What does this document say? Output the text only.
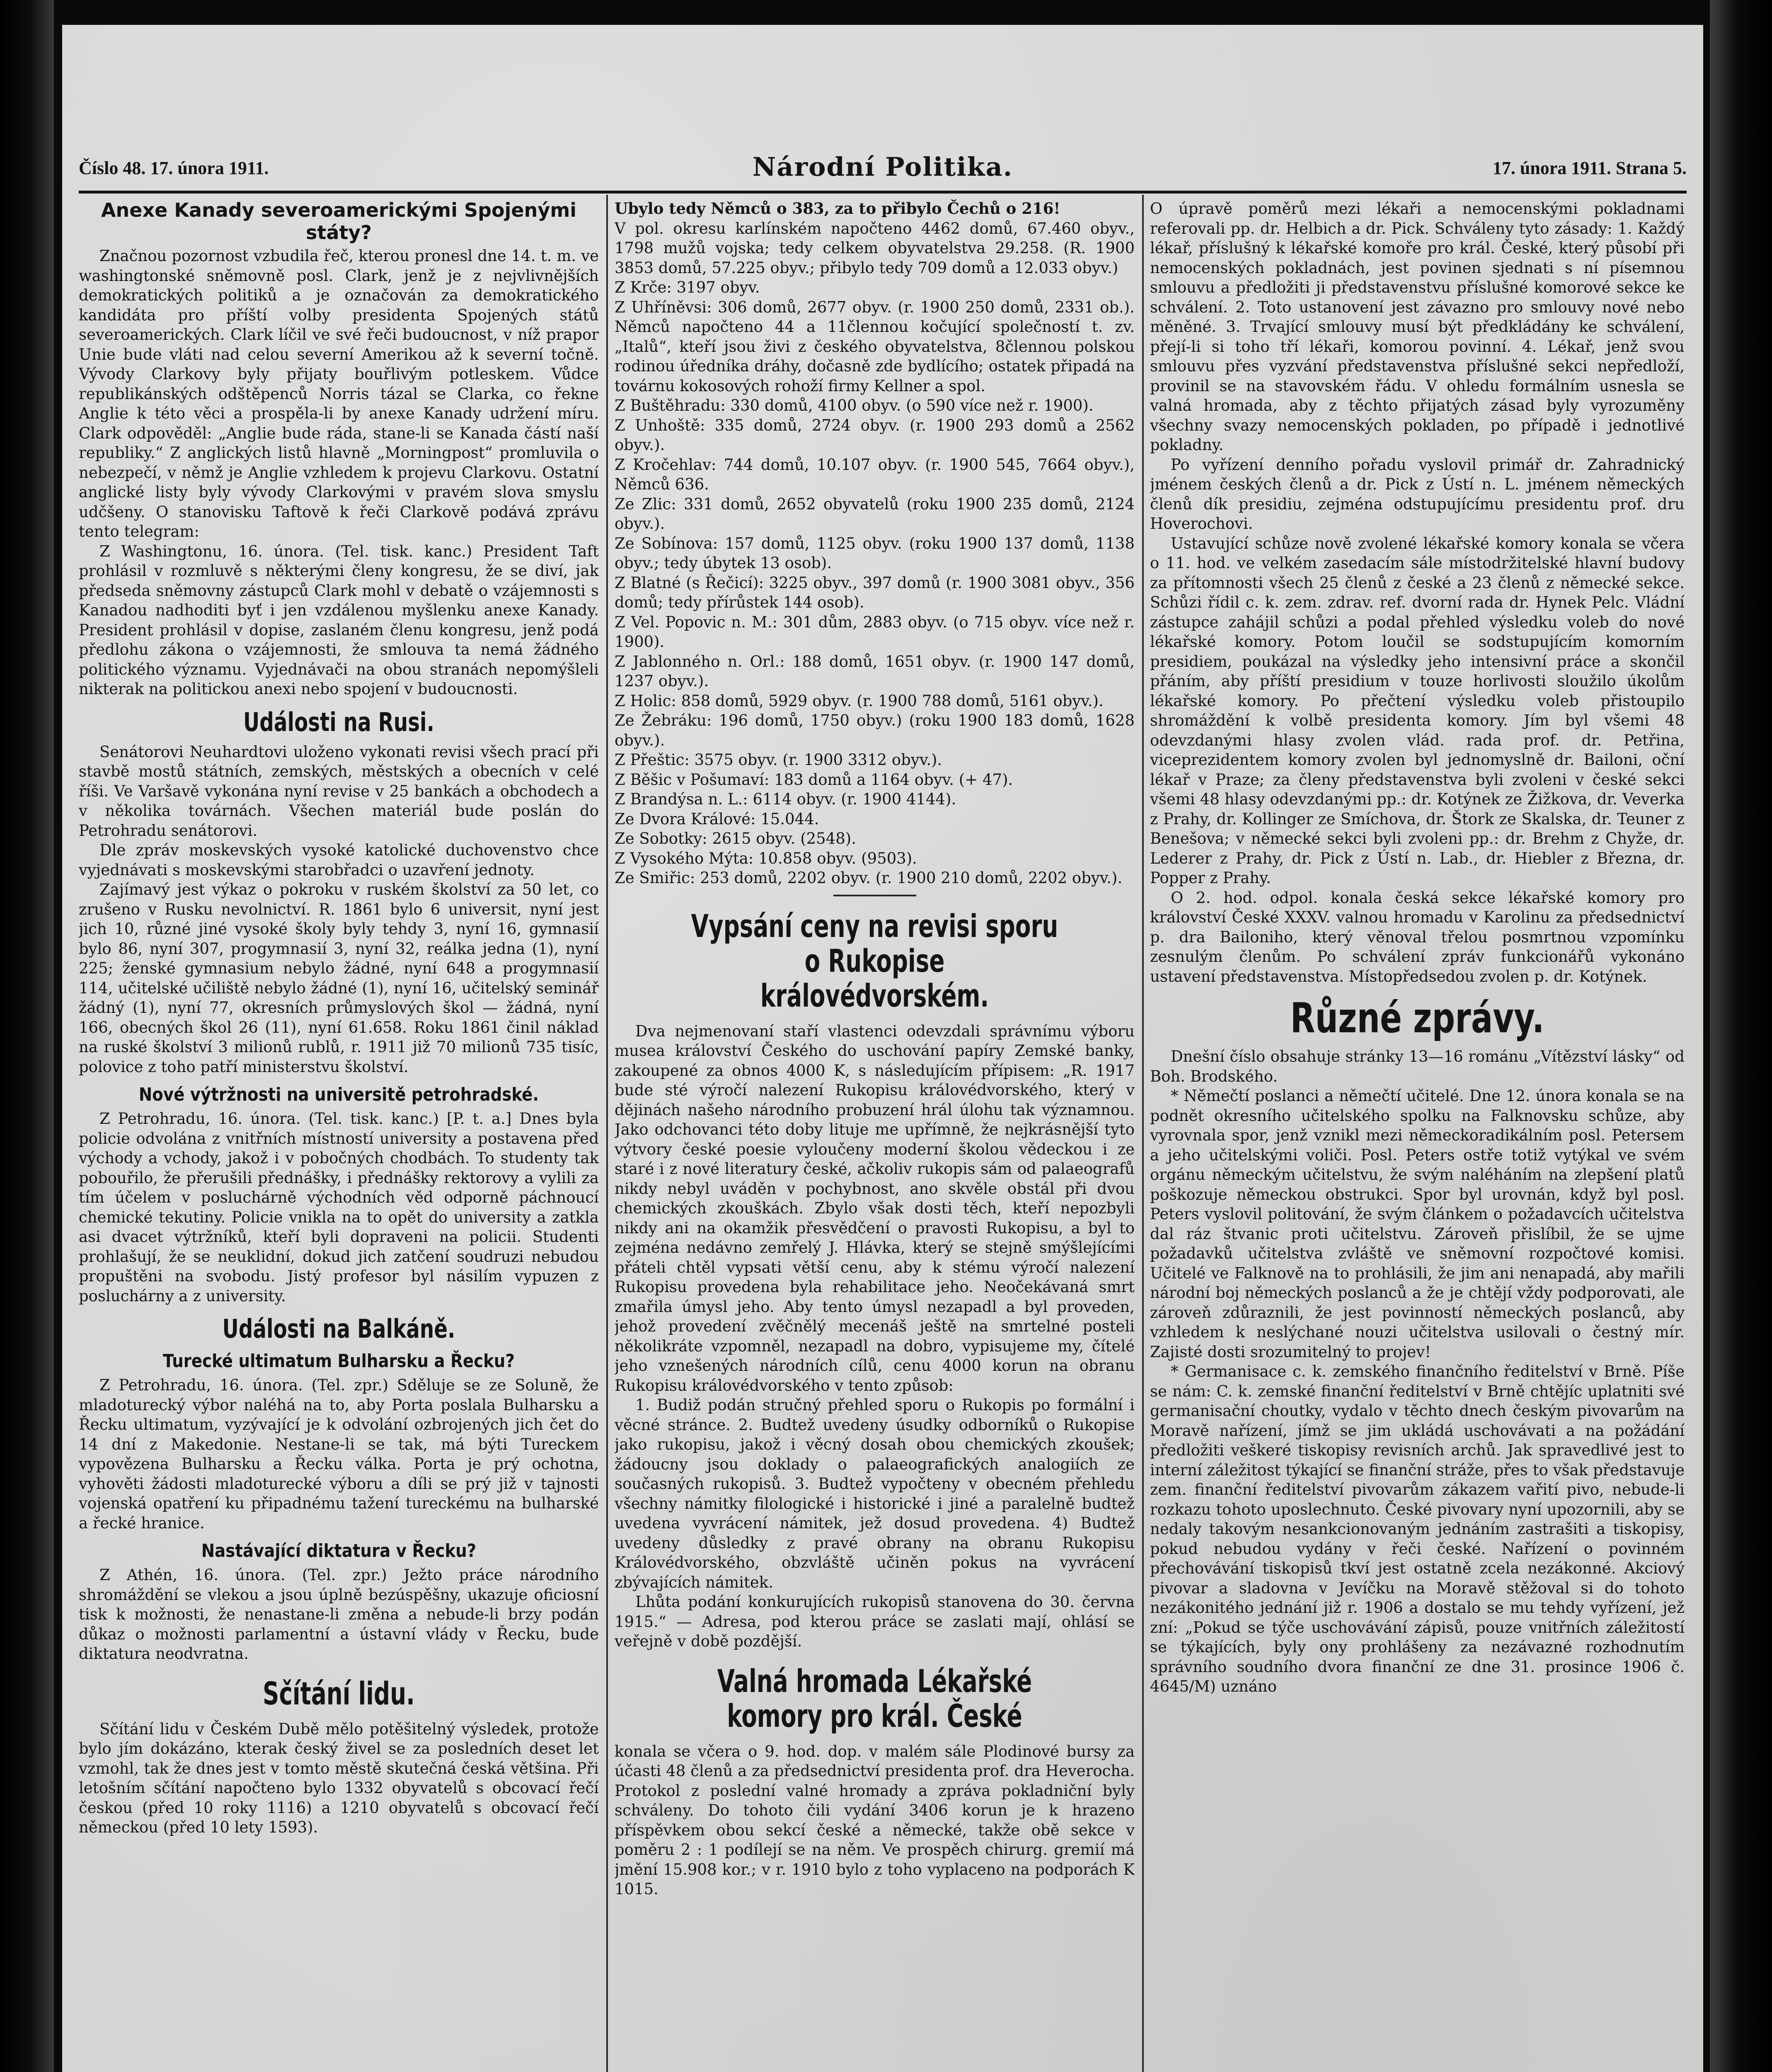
Číslo 48. 17. února 1911.	Národní Politika.	17. února 1911. Strana 5.
Anexe Kanady severoamerickými Spojenými státy?

Značnou pozornost vzbudila řeč, kterou pronesl dne 14. t. m. ve washingtonské sněmovně posl. Clark, jenž je z nejvlivnějších demokratických politiků a je označován za demokratického kandidáta pro příští volby presidenta Spojených států severoamerických. Clark líčil ve své řeči budoucnost, v níž prapor Unie bude vláti nad celou severní Amerikou až k severní točně. Vývody Clarkovy byly přijaty bouřlivým potleskem. Vůdce republikánských odštěpenců Norris tázal se Clarka, co řekne Anglie k této věci a prospěla-li by anexe Kanady udržení míru. Clark odpověděl: „Anglie bude ráda, stane-li se Kanada částí naší republiky.“ Z anglických listů hlavně „Morningpost“ promluvila o nebezpečí, v němž je Anglie vzhledem k projevu Clarkovu. Ostatní anglické listy byly vývody Clarkovými v pravém slova smyslu udčšeny. O stanovisku Taftově k řeči Clarkově podává zprávu tento telegram:

Z Washingtonu, 16. února. (Tel. tisk. kanc.) President Taft prohlásil v rozmluvě s některými členy kongresu, že se diví, jak předseda sněmovny zástupců Clark mohl v debatě o vzájemnosti s Kanadou nadhoditi byť i jen vzdálenou myšlenku anexe Kanady. President prohlásil v dopise, zaslaném členu kongresu, jenž podá předlohu zákona o vzájemnosti, že smlouva ta nemá žádného politického významu. Vyjednávači na obou stranách nepomýšleli nikterak na politickou anexi nebo spojení v budoucnosti.

Události na Rusi.

Senátorovi Neuhardtovi uloženo vykonati revisi všech prací při stavbě mostů státních, zemských, městských a obecních v celé říši. Ve Varšavě vykonána nyní revise v 25 bankách a obchodech a v několika továrnách. Všechen materiál bude poslán do Petrohradu senátorovi.

Dle zpráv moskevských vysoké katolické duchovenstvo chce vyjednávati s moskevskými starobřadci o uzavření jednoty.

Zajímavý jest výkaz o pokroku v ruském školství za 50 let, co zrušeno v Rusku nevolnictví. R. 1861 bylo 6 universit, nyní jest jich 10, různé jiné vysoké školy byly tehdy 3, nyní 16, gymnasií bylo 86, nyní 307, progymnasií 3, nyní 32, reálka jedna (1), nyní 225; ženské gymnasium nebylo žádné, nyní 648 a progymnasií 114, učitelské učiliště nebylo žádné (1), nyní 16, učitelský seminář žádný (1), nyní 77, okresních průmyslových škol — žádná, nyní 166, obecných škol 26 (11), nyní 61.658. Roku 1861 činil náklad na ruské školství 3 milionů rublů, r. 1911 již 70 milionů 735 tisíc, polovice z toho patří ministerstvu školství.

Nové výtržnosti na universitě petrohradské.

Z Petrohradu, 16. února. (Tel. tisk. kanc.) [P. t. a.] Dnes byla policie odvolána z vnitřních místností university a postavena před východy a vchody, jakož i v pobočných chodbách. To studenty tak pobouřilo, že přerušili přednášky, i přednášky rektorovy a vylili za tím účelem v posluchárně východních věd odporně páchnoucí chemické tekutiny. Policie vnikla na to opět do university a zatkla asi dvacet výtržníků, kteří byli dopraveni na policii. Studenti prohlašují, že se neuklidní, dokud jich zatčení soudruzi nebudou propuštěni na svobodu. Jistý profesor byl násilím vypuzen z posluchárny a z university.

Události na Balkáně.
Turecké ultimatum Bulharsku a Řecku?

Z Petrohradu, 16. února. (Tel. zpr.) Sděluje se ze Soluně, že mladoturecký výbor naléhá na to, aby Porta poslala Bulharsku a Řecku ultimatum, vyzývající je k odvolání ozbrojených jich čet do 14 dní z Makedonie. Nestane-li se tak, má býti Tureckem vypovězena Bulharsku a Řecku válka. Porta je prý ochotna, vyhověti žádosti mladoturecké výboru a díli se prý již v tajnosti vojenská opatření ku připadnému tažení tureckému na bulharské a řecké hranice.

Nastávající diktatura v Řecku?

Z Athén, 16. února. (Tel. zpr.) Ježto práce národního shromáždění se vlekou a jsou úplně bezúspěšny, ukazuje oficiosní tisk k možnosti, že nenastane-li změna a nebude-li brzy podán důkaz o možnosti parlamentní a ústavní vlády v Řecku, bude diktatura neodvratna.

Sčítání lidu.

Sčítání lidu v Českém Dubě mělo potěšitelný výsledek, protože bylo jím dokázáno, kterak český živel se za posledních deset let vzmohl, tak že dnes jest v tomto městě skutečná česká většina. Při letošním sčítání napočteno bylo 1332 obyvatelů s obcovací řečí českou (před 10 roky 1116) a 1210 obyvatelů s obcovací řečí německou (před 10 lety 1593).

Ubylo tedy Němců o 383, za to přibylo Čechů o 216!

V pol. okresu karlínském napočteno 4462 domů, 67.460 obyv., 1798 mužů vojska; tedy celkem obyvatelstva 29.258. (R. 1900 3853 domů, 57.225 obyv.; přibylo tedy 709 domů a 12.033 obyv.)

Z Krče: 3197 obyv.

Z Uhříněvsi: 306 domů, 2677 obyv. (r. 1900 250 domů, 2331 ob.). Němců napočteno 44 a 11člennou kočující společností t. zv. „Italů“, kteří jsou živi z českého obyvatelstva, 8člennou polskou rodinou úředníka dráhy, dočasně zde bydlícího; ostatek připadá na továrnu kokosových rohoží firmy Kellner a spol.

Z Buštěhradu: 330 domů, 4100 obyv. (o 590 více než r. 1900).

Z Unhoště: 335 domů, 2724 obyv. (r. 1900 293 domů a 2562 obyv.).

Z Kročehlav: 744 domů, 10.107 obyv. (r. 1900 545, 7664 obyv.), Němců 636.

Ze Zlic: 331 domů, 2652 obyvatelů (roku 1900 235 domů, 2124 obyv.).

Ze Sobínova: 157 domů, 1125 obyv. (roku 1900 137 domů, 1138 obyv.; tedy úbytek 13 osob).

Z Blatné (s Řečicí): 3225 obyv., 397 domů (r. 1900 3081 obyv., 356 domů; tedy přírůstek 144 osob).

Z Vel. Popovic n. M.: 301 dům, 2883 obyv. (o 715 obyv. více než r. 1900).

Z Jablonného n. Orl.: 188 domů, 1651 obyv. (r. 1900 147 domů, 1237 obyv.).

Z Holic: 858 domů, 5929 obyv. (r. 1900 788 domů, 5161 obyv.).

Ze Žebráku: 196 domů, 1750 obyv.) (roku 1900 183 domů, 1628 obyv.).

Z Přeštic: 3575 obyv. (r. 1900 3312 obyv.).

Z Běšic v Pošumaví: 183 domů a 1164 obyv. (+ 47).

Z Brandýsa n. L.: 6114 obyv. (r. 1900 4144).

Ze Dvora Králové: 15.044.

Ze Sobotky: 2615 obyv. (2548).

Z Vysokého Mýta: 10.858 obyv. (9503).

Ze Smiřic: 253 domů, 2202 obyv. (r. 1900 210 domů, 2202 obyv.).

Vypsání ceny na revisi sporu o Rukopise královédvorském.

Dva nejmenovaní staří vlastenci odevzdali správnímu výboru musea království Českého do uschování papíry Zemské banky, zakoupené za obnos 4000 K, s následujícím přípisem: „R. 1917 bude sté výročí nalezení Rukopisu královédvorského, který v dějinách našeho národního probuzení hrál úlohu tak významnou. Jako odchovanci této doby lituje me upřímně, že nejkrásnější tyto výtvory české poesie vyloučeny moderní školou vědeckou i ze staré i z nové literatury české, ačkoliv rukopis sám od palaeografů nikdy nebyl uváděn v pochybnost, ano skvěle obstál při dvou chemických zkouškách. Zbylo však dosti těch, kteří nepozbyli nikdy ani na okamžik přesvědčení o pravosti Rukopisu, a byl to zejména nedávno zemřelý J. Hlávka, který se stejně smýšlejícími přáteli chtěl vypsati větší cenu, aby k stému výročí nalezení Rukopisu provedena byla rehabilitace jeho. Neočekávaná smrt zmařila úmysl jeho. Aby tento úmysl nezapadl a byl proveden, jehož provedení zvěčnělý mecenáš ještě na smrtelné posteli několikráte vzpomněl, nezapadl na dobro, vypisujeme my, čítelé jeho vznešených národních cílů, cenu 4000 korun na obranu Rukopisu královédvorského v tento způsob:

1. Budiž podán stručný přehled sporu o Rukopis po formální i věcné stránce. 2. Budtež uvedeny úsudky odborníků o Rukopise jako rukopisu, jakož i věcný dosah obou chemických zkoušek; žádoucny jsou doklady o palaeografických analogiích ze současných rukopisů. 3. Budtež vypočteny v obecném přehledu všechny námitky filologické i historické i jiné a paralelně budtež uvedena vyvrácení námitek, jež dosud provedena. 4) Budtež uvedeny důsledky z pravé obrany na obranu Rukopisu Královédvorského, obzvláště učiněn pokus na vyvrácení zbývajících námitek.

Lhůta podání konkurujících rukopisů stanovena do 30. června 1915.“ — Adresa, pod kterou práce se zaslati mají, ohlásí se veřejně v době pozdější.

Valná hromada Lékařské komory pro král. České

konala se včera o 9. hod. dop. v malém sále Plodinové bursy za účasti 48 členů a za předsednictví presidenta prof. dra Heverocha. Protokol z poslední valné hromady a zpráva pokladniční byly schváleny. Do tohoto čili vydání 3406 korun je k hrazeno příspěvkem obou sekcí české a německé, takže obě sekce v poměru 2 : 1 podílejí se na něm. Ve prospěch chirurg. gremií má jmění 15.908 kor.; v r. 1910 bylo z toho vyplaceno na podporách K 1015.

O úpravě poměrů mezi lékaři a nemocenskými pokladnami referovali pp. dr. Helbich a dr. Pick. Schváleny tyto zásady: 1. Každý lékař, příslušný k lékařské komoře pro král. České, který působí při nemocenských pokladnách, jest povinen sjednati s ní písemnou smlouvu a předložiti ji představenstvu příslušné komorové sekce ke schválení. 2. Toto ustanovení jest závazno pro smlouvy nové nebo měněné. 3. Trvající smlouvy musí být předkládány ke schválení, přejí-li si toho tří lékaři, komorou povinní. 4. Lékař, jenž svou smlouvu přes vyzvání představenstva příslušné sekci nepředloží, provinil se na stavovském řádu. V ohledu formálním usnesla se valná hromada, aby z těchto přijatých zásad byly vyrozuměny všechny svazy nemocenských pokladen, po případě i jednotlivé pokladny.

Po vyřízení denního pořadu vyslovil primář dr. Zahradnický jménem českých členů a dr. Pick z Ústí n. L. jménem německých členů dík presidiu, zejména odstupujícímu presidentu prof. dru Hoverochovi.

Ustavující schůze nově zvolené lékařské komory konala se včera o 11. hod. ve velkém zasedacím sále místodržitelské hlavní budovy za přítomnosti všech 25 členů z české a 23 členů z německé sekce. Schůzi řídil c. k. zem. zdrav. ref. dvorní rada dr. Hynek Pelc. Vládní zástupce zahájil schůzi a podal přehled výsledku voleb do nové lékařské komory. Potom loučil se sodstupujícím komorním presidiem, poukázal na výsledky jeho intensivní práce a skončil přáním, aby příští presidium v touze horlivosti sloužilo úkolům lékařské komory. Po přečtení výsledku voleb přistoupilo shromáždění k volbě presidenta komory. Jím byl všemi 48 odevzdanými hlasy zvolen vlád. rada prof. dr. Petřina, viceprezidentem komory zvolen byl jednomyslně dr. Bailoni, oční lékař v Praze; za členy představenstva byli zvoleni v české sekci všemi 48 hlasy odevzdanými pp.: dr. Kotýnek ze Žižkova, dr. Veverka z Prahy, dr. Kollinger ze Smíchova, dr. Štork ze Skalska, dr. Teuner z Benešova; v německé sekci byli zvoleni pp.: dr. Brehm z Chyže, dr. Lederer z Prahy, dr. Pick z Ústí n. Lab., dr. Hiebler z Března, dr. Popper z Prahy.

O 2. hod. odpol. konala česká sekce lékařské komory pro království České XXXV. valnou hromadu v Karolinu za předsednictví p. dra Bailoniho, který věnoval třelou posmrtnou vzpomínku zesnulým členům. Po schválení zpráv funkcionářů vykonáno ustavení představenstva. Místopředsedou zvolen p. dr. Kotýnek.

Různé zprávy.

Dnešní číslo obsahuje stránky 13—16 románu „Vítězství lásky“ od Boh. Brodského.

* Němečtí poslanci a němečtí učitelé. Dne 12. února konala se na podnět okresního učitelského spolku na Falknovsku schůze, aby vyrovnala spor, jenž vznikl mezi německoradikálním posl. Petersem a jeho učitelskými voliči. Posl. Peters ostře totiž vytýkal ve svém orgánu německým učitelstvu, že svým naléháním na zlepšení platů poškozuje německou obstrukci. Spor byl urovnán, když byl posl. Peters vyslovil politování, že svým článkem o požadavcích učitelstva dal ráz štvanic proti učitelstvu. Zároveň přislíbil, že se ujme požadavků učitelstva zvláště ve sněmovní rozpočtové komisi. Učitelé ve Falknově na to prohlásili, že jim ani nenapadá, aby mařili národní boj německých poslanců a že je chtějí vždy podporovati, ale zároveň zdůraznili, že jest povinností německých poslanců, aby vzhledem k neslýchané nouzi učitelstva usilovali o čestný mír. Zajisté dosti srozumitelný to projev!

* Germanisace c. k. zemského finančního ředitelství v Brně. Píše se nám: C. k. zemské finanční ředitelství v Brně chtějíc uplatniti své germanisační choutky, vydalo v těchto dnech českým pivovarům na Moravě nařízení, jímž se jim ukládá uschovávati a na požádání předložiti veškeré tiskopisy revisních archů. Jak spravedlivé jest to interní záležitost týkající se finanční stráže, přes to však představuje zem. finanční ředitelství pivovarům zákazem vařití pivo, nebude-li rozkazu tohoto uposlechnuto. České pivovary nyní upozornili, aby se nedaly takovým nesankcionovaným jednáním zastrašiti a tiskopisy, pokud nebudou vydány v řeči české. Nařízení o povinném přechovávání tiskopisů tkví jest ostatně zcela nezákonné. Akciový pivovar a sladovna v Jevíčku na Moravě stěžoval si do tohoto nezákonitého jednání již r. 1906 a dostalo se mu tehdy vyřízení, jež zní: „Pokud se týče uschovávání zápisů, pouze vnitřních záležitostí se týkajících, byly ony prohlášeny za nezávazné rozhodnutím správního soudního dvora finanční ze dne 31. prosince 1906 č. 4645/M) uznáno
